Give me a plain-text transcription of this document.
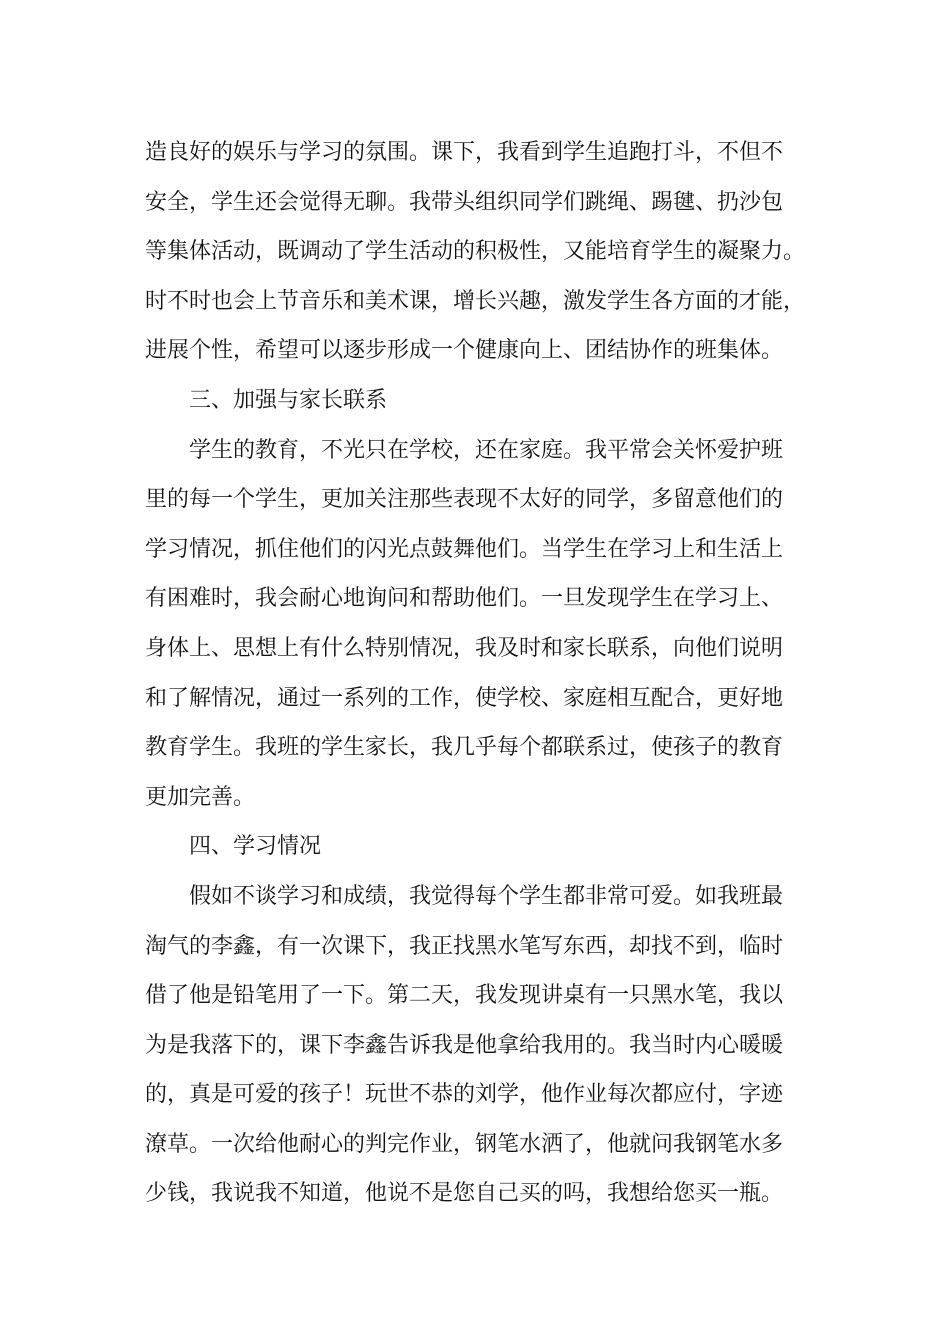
造良好的娱乐与学习的氛围。课下，我看到学生追跑打斗，不但不
安全，学生还会觉得无聊。我带头组织同学们跳绳、踢毽、扔沙包
等集体活动，既调动了学生活动的积极性，又能培育学生的凝聚力。
时不时也会上节音乐和美术课，增长兴趣，激发学生各方面的才能，
进展个性，希望可以逐步形成一个健康向上、团结协作的班集体。
三、加强与家长联系
学生的教育，不光只在学校，还在家庭。我平常会关怀爱护班
里的每一个学生，更加关注那些表现不太好的同学，多留意他们的
学习情况，抓住他们的闪光点鼓舞他们。当学生在学习上和生活上
有困难时，我会耐心地询问和帮助他们。一旦发现学生在学习上、
身体上、思想上有什么特别情况，我及时和家长联系，向他们说明
和了解情况，通过一系列的工作，使学校、家庭相互配合，更好地
教育学生。我班的学生家长，我几乎每个都联系过，使孩子的教育
更加完善。
四、学习情况
假如不谈学习和成绩，我觉得每个学生都非常可爱。如我班最
淘气的李鑫，有一次课下，我正找黑水笔写东西，却找不到，临时
借了他是铅笔用了一下。第二天，我发现讲桌有一只黑水笔，我以
为是我落下的，课下李鑫告诉我是他拿给我用的。我当时内心暖暖
的，真是可爱的孩子！玩世不恭的刘学，他作业每次都应付，字迹
潦草。一次给他耐心的判完作业，钢笔水洒了，他就问我钢笔水多
少钱，我说我不知道，他说不是您自己买的吗，我想给您买一瓶。
